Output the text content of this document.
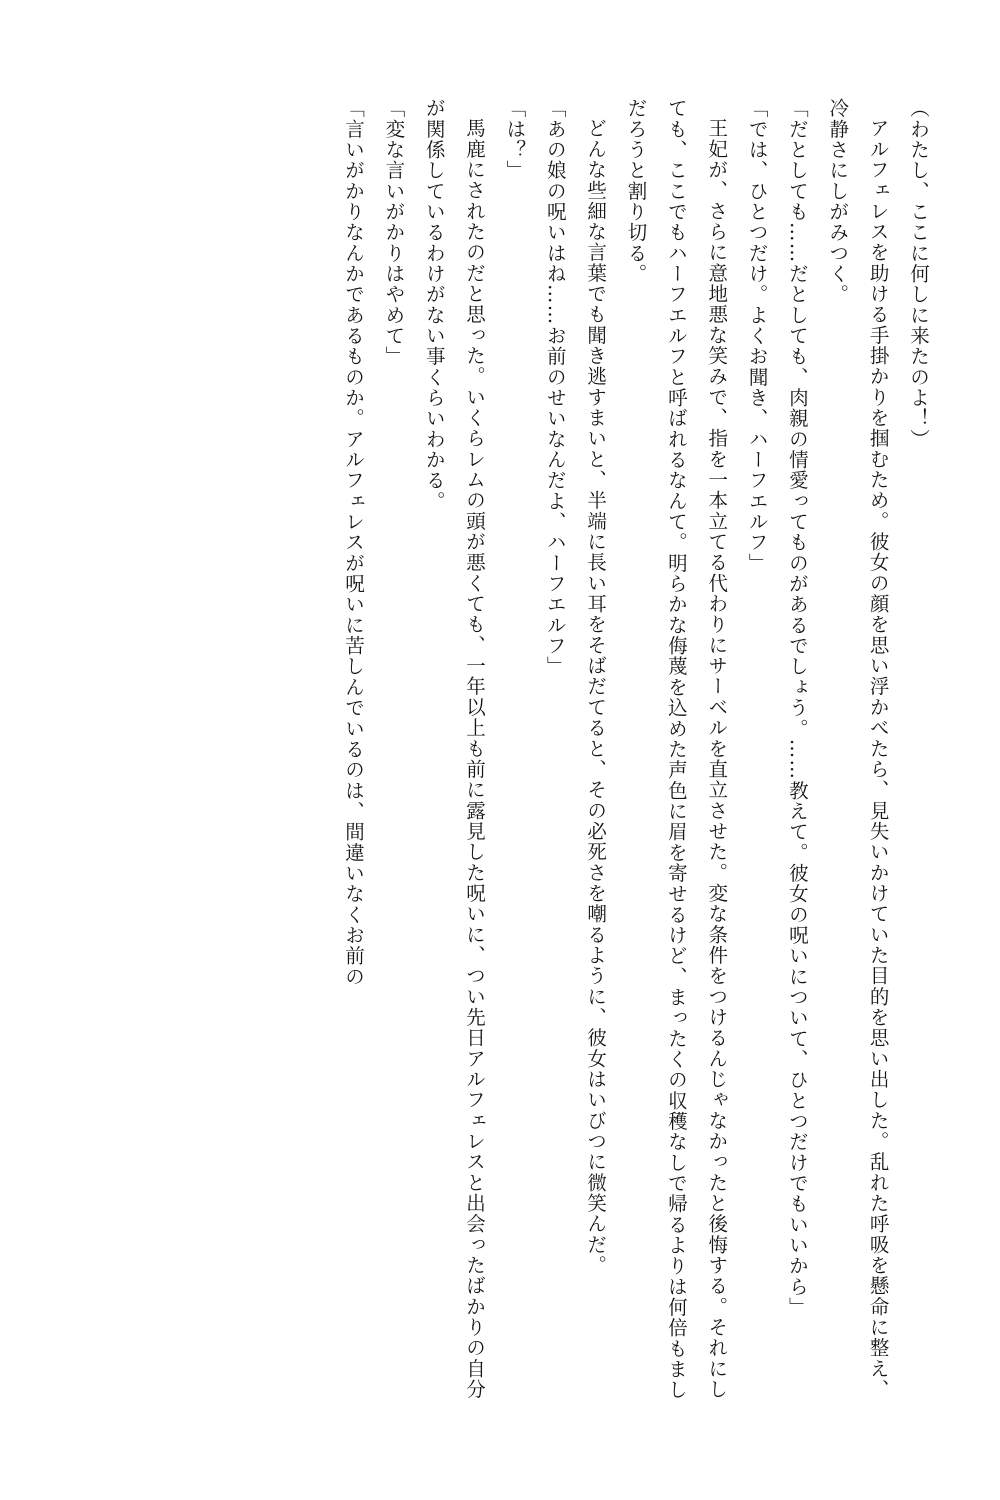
（わたし、ここに何しに来たのよ！）

アルフェレスを助ける手掛かりを掴むため。彼女の顔を思い浮かべたら、見失いかけていた目的を思い出した。乱れた呼吸を懸命に整え、冷静さにしがみつく。

「だとしても……だとしても、肉親の情愛ってものがあるでしょう。……教えて。彼女の呪いについて、ひとつだけでもいいから」

「では、ひとつだけ。よくお聞き、ハーフエルフ」

王妃が、さらに意地悪な笑みで、指を一本立てる代わりにサーベルを直立させた。変な条件をつけるんじゃなかったと後悔する。それにしても、ここでもハーフエルフと呼ばれるなんて。明らかな侮蔑を込めた声色に眉を寄せるけど、まったくの収穫なしで帰るよりは何倍もましだろうと割り切る。

どんな些細な言葉でも聞き逃すまいと、半端に長い耳をそばだてると、その必死さを嘲るように、彼女はいびつに微笑んだ。

「あの娘の呪いはね……お前のせいなんだよ、ハーフエルフ」

「は？」

馬鹿にされたのだと思った。いくらレムの頭が悪くても、一年以上も前に露見した呪いに、つい先日アルフェレスと出会ったばかりの自分が関係しているわけがない事くらいわかる。

「変な言いがかりはやめて」

「言いがかりなんかであるものか。アルフェレスが呪いに苦しんでいるのは、間違いなくお前の
